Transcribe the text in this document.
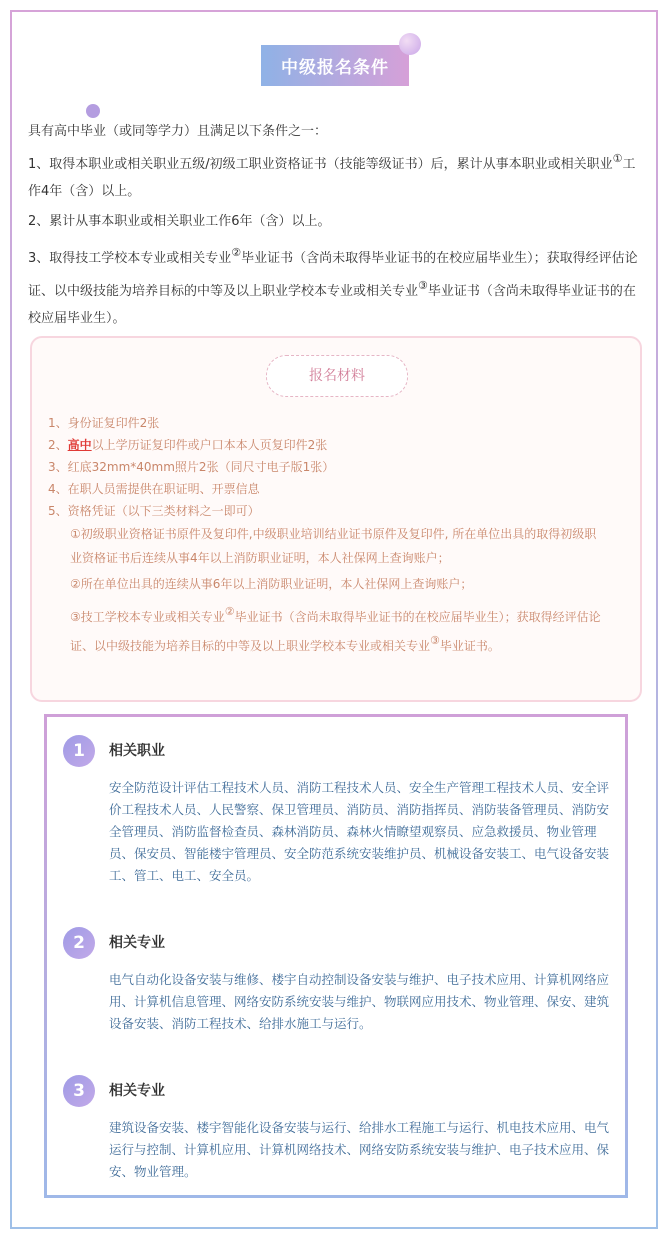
中级报名条件

具有高中毕业（或同等学力）且满足以下条件之一：

1、取得本职业或相关职业五级/初级工职业资格证书（技能等级证书）后，累计从事本职业或相关职业①工作4年（含）以上。

2、累计从事本职业或相关职业工作6年（含）以上。

3、取得技工学校本专业或相关专业②毕业证书（含尚未取得毕业证书的在校应届毕业生）；获取得经评估论证、以中级技能为培养目标的中等及以上职业学校本专业或相关专业③毕业证书（含尚未取得毕业证书的在校应届毕业生）。

报名材料

1、身份证复印件2张

2、高中以上学历证复印件或户口本本人页复印件2张

3、红底32mm*40mm照片2张（同尺寸电子版1张）

4、在职人员需提供在职证明、开票信息

5、资格凭证（以下三类材料之一即可）

①初级职业资格证书原件及复印件,中级职业培训结业证书原件及复印件, 所在单位出具的取得初级职业资格证书后连续从事4年以上消防职业证明，本人社保网上查询账户；

②所在单位出具的连续从事6年以上消防职业证明，本人社保网上查询账户；

③技工学校本专业或相关专业②毕业证书（含尚未取得毕业证书的在校应届毕业生）；获取得经评估论证、以中级技能为培养目标的中等及以上职业学校本专业或相关专业③毕业证书。

1	相关职业
安全防范设计评估工程技术人员、消防工程技术人员、安全生产管理工程技术人员、安全评价工程技术人员、人民警察、保卫管理员、消防员、消防指挥员、消防装备管理员、消防安全管理员、消防监督检查员、森林消防员、森林火情瞭望观察员、应急救援员、物业管理员、保安员、智能楼宇管理员、安全防范系统安装维护员、机械设备安装工、电气设备安装工、管工、电工、安全员。
2	相关专业
电气自动化设备安装与维修、楼宇自动控制设备安装与维护、电子技术应用、计算机网络应用、计算机信息管理、网络安防系统安装与维护、物联网应用技术、物业管理、保安、建筑设备安装、消防工程技术、给排水施工与运行。
3	相关专业
建筑设备安装、楼宇智能化设备安装与运行、给排水工程施工与运行、机电技术应用、电气运行与控制、计算机应用、计算机网络技术、网络安防系统安装与维护、电子技术应用、保安、物业管理。
